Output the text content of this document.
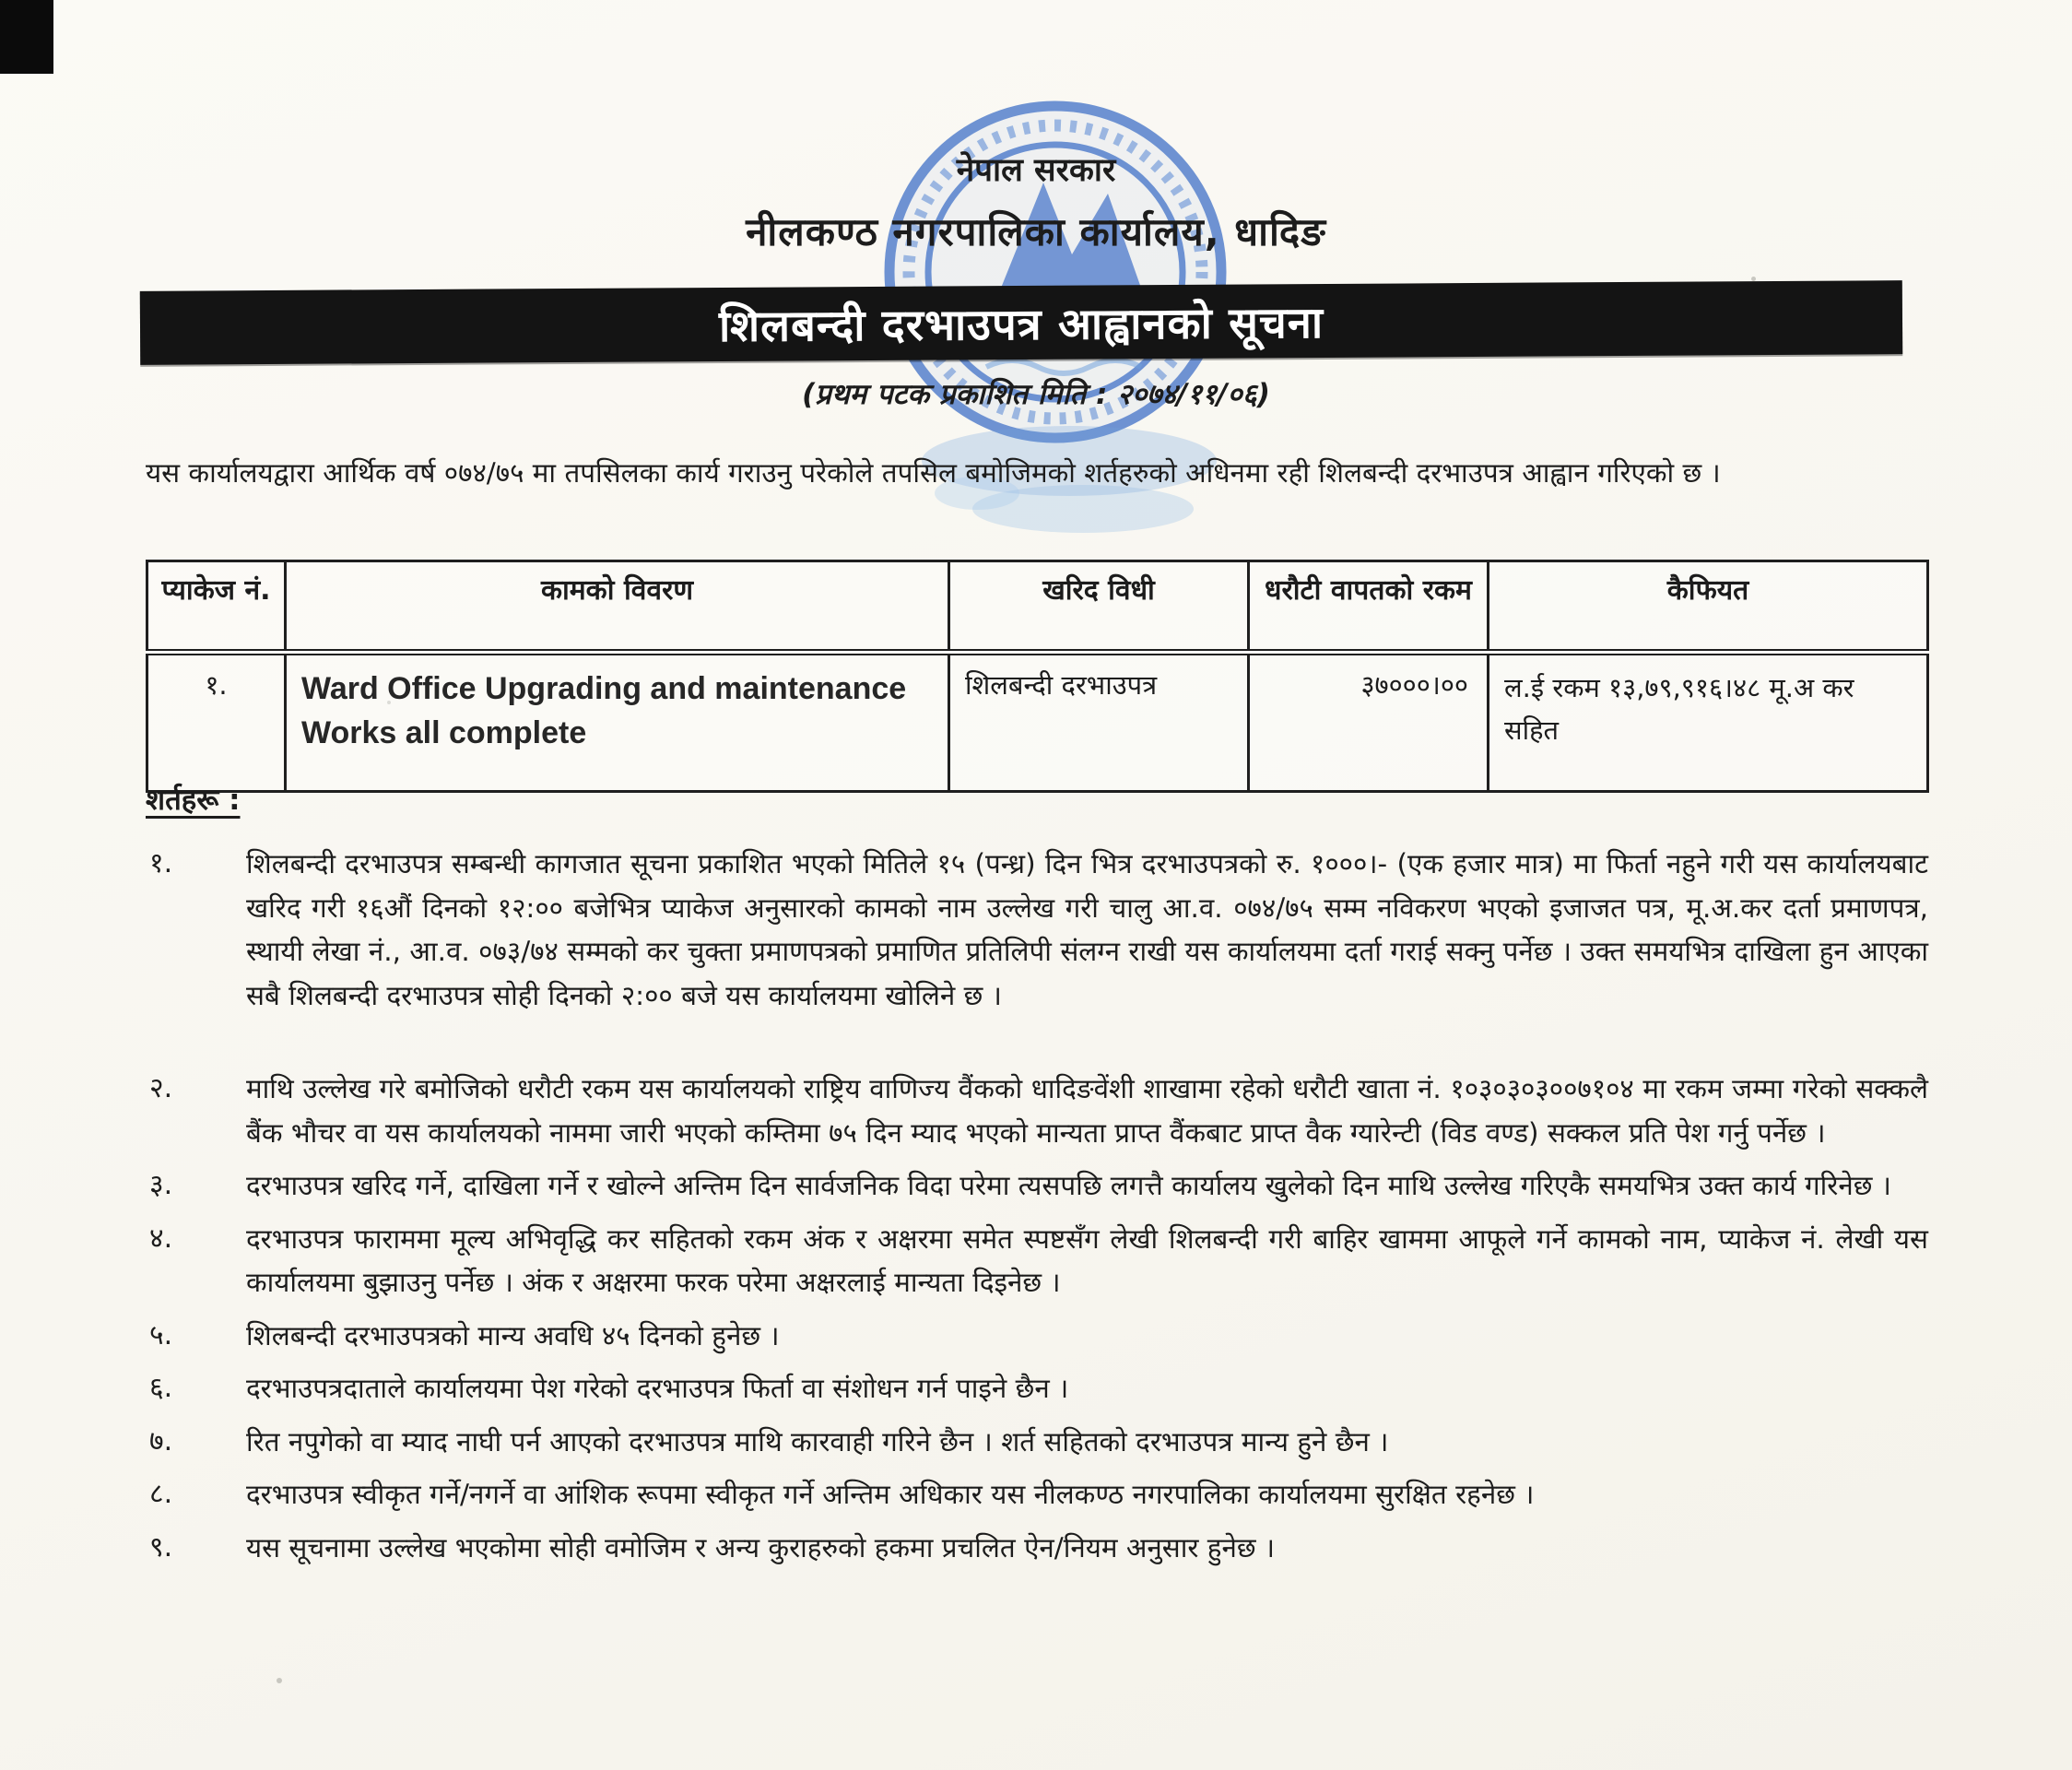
नेपाल सरकार
नीलकण्ठ नगरपालिका कार्यालय, धादिङ
शिलबन्दी दरभाउपत्र आह्वानको सूचना
(प्रथम पटक प्रकाशित मिति : २०७४/११/०६)
यस कार्यालयद्वारा आर्थिक वर्ष ०७४/७५ मा तपसिलका कार्य गराउनु परेकोले तपसिल बमोजिमको शर्तहरुको अधिनमा रही शिलबन्दी दरभाउपत्र आह्वान गरिएको छ ।
प्याकेज नं.	कामको विवरण	खरिद विधी	धरौटी वापतको रकम	कैफियत
१.	Ward Office Upgrading and maintenance Works all complete	शिलबन्दी दरभाउपत्र	३७०००।००	ल.ई रकम १३,७९,९१६।४८ मू.अ कर सहित
शर्तहरू :
१.	शिलबन्दी दरभाउपत्र सम्बन्धी कागजात सूचना प्रकाशित भएको मितिले १५ (पन्ध्र) दिन भित्र दरभाउपत्रको रु. १०००।- (एक हजार मात्र) मा फिर्ता नहुने गरी यस कार्यालयबाट खरिद गरी १६औं दिनको १२:०० बजेभित्र प्याकेज अनुसारको कामको नाम उल्लेख गरी चालु आ.व. ०७४/७५ सम्म नविकरण भएको इजाजत पत्र, मू.अ.कर दर्ता प्रमाणपत्र, स्थायी लेखा नं., आ.व. ०७३/७४ सम्मको कर चुक्ता प्रमाणपत्रको प्रमाणित प्रतिलिपी संलग्न राखी यस कार्यालयमा दर्ता गराई सक्नु पर्नेछ । उक्त समयभित्र दाखिला हुन आएका सबै शिलबन्दी दरभाउपत्र सोही दिनको २:०० बजे यस कार्यालयमा खोलिने छ ।
२.	माथि उल्लेख गरे बमोजिको धरौटी रकम यस कार्यालयको राष्ट्रिय वाणिज्य वैंकको धादिङवेंशी शाखामा रहेको धरौटी खाता नं. १०३०३०३००७१०४ मा रकम जम्मा गरेको सक्कलै बैंक भौचर वा यस कार्यालयको नाममा जारी भएको कम्तिमा ७५ दिन म्याद भएको मान्यता प्राप्त वैंकबाट प्राप्त वैक ग्यारेन्टी (विड वण्ड) सक्कल प्रति पेश गर्नु पर्नेछ ।
३.	दरभाउपत्र खरिद गर्ने, दाखिला गर्ने र खोल्ने अन्तिम दिन सार्वजनिक विदा परेमा त्यसपछि लगत्तै कार्यालय खुलेको दिन माथि उल्लेख गरिएकै समयभित्र उक्त कार्य गरिनेछ ।
४.	दरभाउपत्र फाराममा मूल्य अभिवृद्धि कर सहितको रकम अंक र अक्षरमा समेत स्पष्टसँग लेखी शिलबन्दी गरी बाहिर खाममा आफूले गर्ने कामको नाम, प्याकेज नं. लेखी यस कार्यालयमा बुझाउनु पर्नेछ । अंक र अक्षरमा फरक परेमा अक्षरलाई मान्यता दिइनेछ ।
५.	शिलबन्दी दरभाउपत्रको मान्य अवधि ४५ दिनको हुनेछ ।
६.	दरभाउपत्रदाताले कार्यालयमा पेश गरेको दरभाउपत्र फिर्ता वा संशोधन गर्न पाइने छैन ।
७.	रित नपुगेको वा म्याद नाघी पर्न आएको दरभाउपत्र माथि कारवाही गरिने छैन । शर्त सहितको दरभाउपत्र मान्य हुने छैन ।
८.	दरभाउपत्र स्वीकृत गर्ने/नगर्ने वा आंशिक रूपमा स्वीकृत गर्ने अन्तिम अधिकार यस नीलकण्ठ नगरपालिका कार्यालयमा सुरक्षित रहनेछ ।
९.	यस सूचनामा उल्लेख भएकोमा सोही वमोजिम र अन्य कुराहरुको हकमा प्रचलित ऐन/नियम अनुसार हुनेछ ।
